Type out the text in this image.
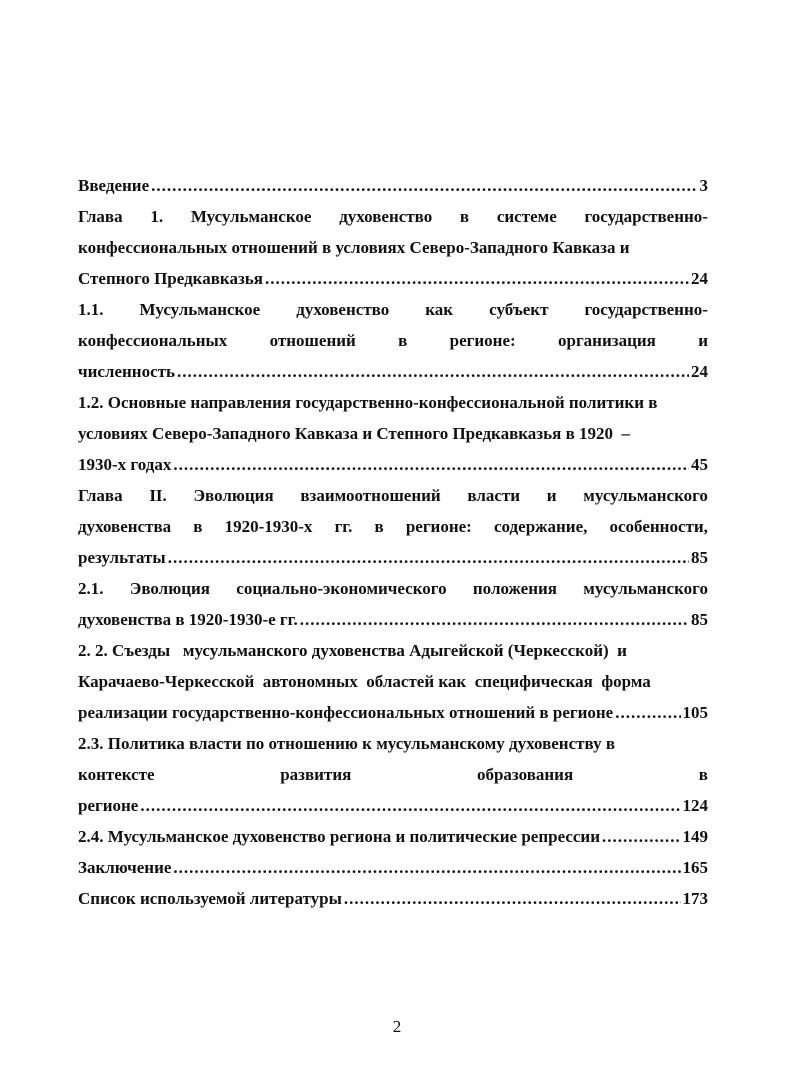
Введение .....	3
Глава 1. Мусульманское духовенство в системе государственно-
конфессиональных отношений в условиях Северо-Западного Кавказа и
Степного Предкавказья .....	24
1.1. Мусульманское духовенство как субъект государственно-
конфессиональных отношений в регионе: организация и
численность .....	24
1.2. Основные направления государственно-конфессиональной политики в
условиях Северо-Западного Кавказа и Степного Предкавказья в 1920  –
1930-х годах .....	45
Глава II. Эволюция взаимоотношений власти и мусульманского
духовенства в 1920-1930-х гг. в регионе: содержание, особенности,
результаты .....	85
2.1. Эволюция социально-экономического положения мусульманского
духовенства в 1920-1930-е гг. .....	85
2. 2. Съезды   мусульманского духовенства Адыгейской (Черкесской)  и
Карачаево-Черкесской  автономных  областей как  специфическая  форма
реализации государственно-конфессиональных отношений в регионе .....	105
2.3. Политика власти по отношению к мусульманскому духовенству в
контексте	развития	образования	в
регионе .....	124
2.4. Мусульманское духовенство региона и политические репрессии .....	149
Заключение .....	165
Список используемой литературы .....	173
2
